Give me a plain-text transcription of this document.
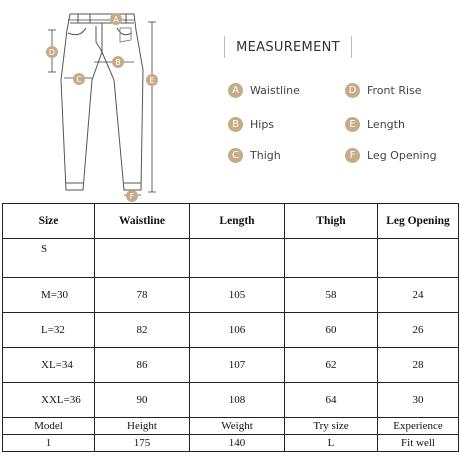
A
B
C
D
E
F
MEASUREMENT
A	Waistline
B	Hips
C	Thigh
D Front Rise
E	Length
F	Leg Opening
Size	Waistline	Length	Thigh	Leg Opening
S				
M=30	78	105	58	24
L=32	82	106	60	26
XL=34	86	107	62	28
XXL=36	90	108	64	30
Model	Height	Weight	Try size	Experience
1	175	140	L	Fit well
